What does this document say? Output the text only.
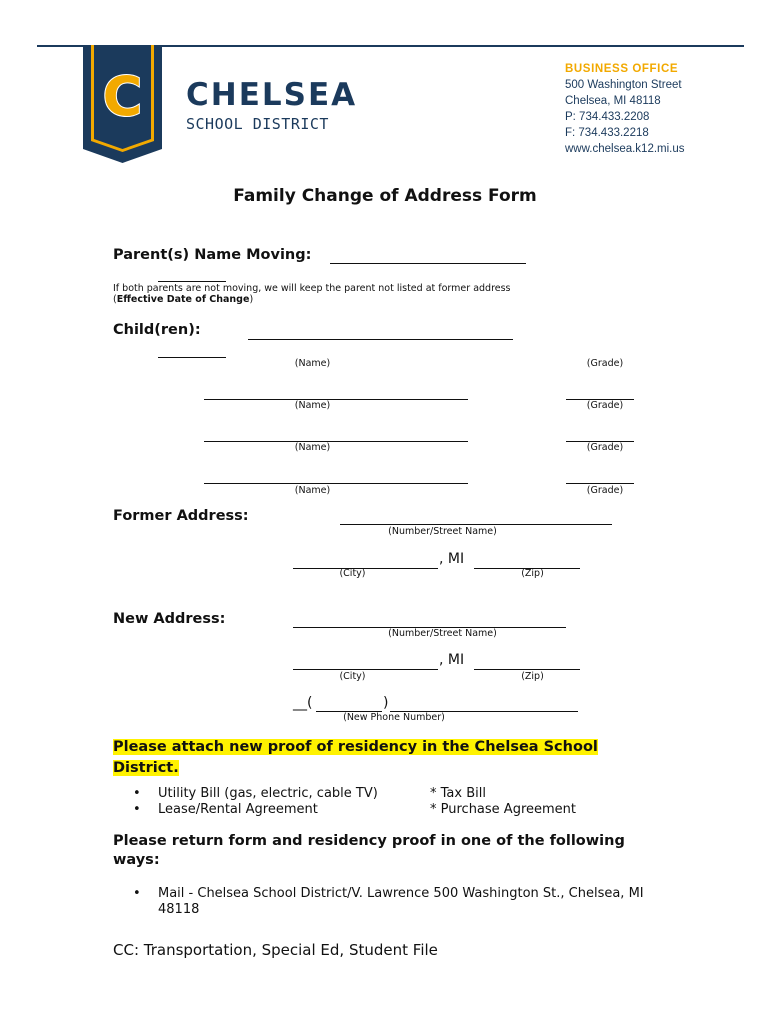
C CHELSEA
SCHOOL DISTRICT
BUSINESS OFFICE
500 Washington Street
Chelsea, MI 48118
P: 734.433.2208
F: 734.433.2218
www.chelsea.k12.mi.us
Family Change of Address Form
Parent(s) Name Moving:
If both parents are not moving, we will keep the parent not listed at former address
(Effective Date of Change)
Child(ren):
(Name)	(Grade)
(Name)	(Grade)
(Name)	(Grade)
(Name)	(Grade)
Former Address:
(Number/Street Name)
, MI
(City)	(Zip)
New Address:
(Number/Street Name)
, MI
(City)	(Zip)
__(	)
(New Phone Number)
Please attach new proof of residency in the Chelsea School District.
• Utility Bill (gas, electric, cable TV)
• Lease/Rental Agreement
* Tax Bill
* Purchase Agreement
Please return form and residency proof in one of the following ways:
• Mail - Chelsea School District/V. Lawrence 500 Washington St., Chelsea, MI 48118
CC: Transportation, Special Ed, Student File
